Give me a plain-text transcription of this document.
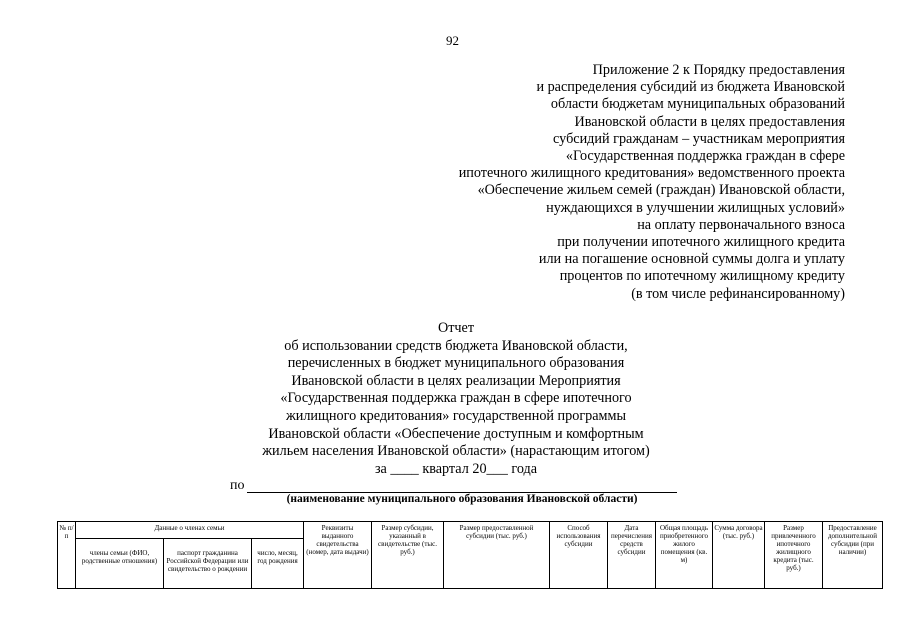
92
Приложение 2 к Порядку предоставления
и распределения субсидий из бюджета Ивановской
области бюджетам муниципальных образований
Ивановской области в целях предоставления
субсидий гражданам – участникам мероприятия
«Государственная поддержка граждан в сфере
ипотечного жилищного кредитования» ведомственного проекта
«Обеспечение жильем семей (граждан) Ивановской области,
нуждающихся в улучшении жилищных условий»
на оплату первоначального взноса
при получении ипотечного жилищного кредита
или на погашение основной суммы долга и уплату
процентов по ипотечному жилищному кредиту
(в том числе рефинансированному)
Отчет
об использовании средств бюджета Ивановской области,
перечисленных в бюджет муниципального образования
Ивановской области в целях реализации Мероприятия
«Государственная поддержка граждан в сфере ипотечного
жилищного кредитования» государственной программы
Ивановской области «Обеспечение доступным и комфортным
жильем населения Ивановской области» (нарастающим итогом)
за ____ квартал 20___ года
по
(наименование муниципального образования Ивановской области)
№ п/п	Данные о членах семьи			Реквизиты выданного свидетельства (номер, дата выдачи)	Размер субсидии, указанный в свидетельстве (тыс. руб.)	Размер предоставленной субсидии (тыс. руб.)	Способ использования субсидии	Дата перечисления средств субсидии	Общая площадь приобретенного жилого помещения (кв. м)	Сумма договора (тыс. руб.)	Размер привлеченного ипотечного жилищного кредита (тыс. руб.)	Предоставление дополнительной субсидии (при наличии)
	члены семьи (ФИО, родственные отношения)	паспорт гражданина Российской Федерации или свидетельство о рождении	число, месяц, год рождения									
